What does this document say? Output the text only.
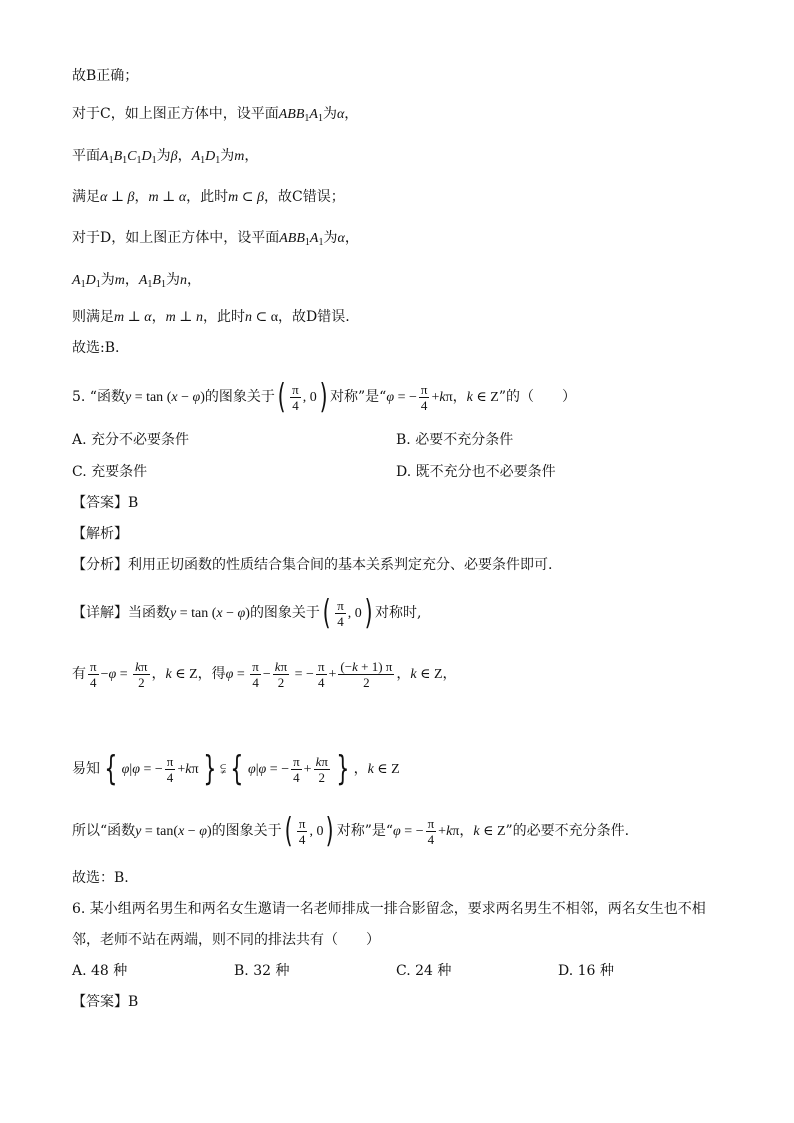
故B正确；
对于C，如上图正方体中，设平面$ABB_1A_1$为α，
平面$A_1B_1C_1D_1$为β，$A_1D_1$为m，
满足α ⊥ β，m ⊥ α，此时m ⊂ β，故C错误；
对于D，如上图正方体中，设平面$ABB_1A_1$为α，
$A_1D_1$为m，$A_1B_1$为n，
则满足m ⊥ α，m ⊥ n，此时n ⊂ α，故D错误.
故选:B.
5. “函数y = tan (x − φ)的图象关于( $\frac{\pi}{4}$ , 0) 对称”是“φ = − $\frac{\pi}{4} +k\pi$，k ∈ Z”的（　　）
A. 充分不必要条件	B. 必要不充分条件
C. 充要条件	D. 既不充分也不必要条件
【答案】B
【解析】
【分析】利用正切函数的性质结合集合间的基本关系判定充分、必要条件即可.
【详解】当函数y = tan (x − φ)的图象关于( $\frac{\pi}{4}$ , 0) 对称时,
有 $\frac{\pi}{4} -\varphi = \frac{k\pi}{2}$ ，k ∈ Z，得$\varphi = \frac{\pi}{4} - \frac{k\pi}{2}$ = − $\frac{\pi}{4} + \frac{(-k + 1) \pi}{2}$ ，k ∈ Z，
易知 { φ|φ = − $\frac{\pi}{4} +k\pi$ } ⫋ { φ|φ = − $\frac{\pi}{4} + \frac{k\pi}{2}$ } ，k ∈ Z
所以“函数y = tan(x − φ)的图象关于( $\frac{\pi}{4}$ , 0) 对称”是“φ = − $\frac{\pi}{4} +k\pi$，k ∈ Z”的必要不充分条件.
故选：B.
6. 某小组两名男生和两名女生邀请一名老师排成一排合影留念，要求两名男生不相邻，两名女生也不相
邻，老师不站在两端，则不同的排法共有（　　）
A. 48 种	B. 32 种	C. 24 种	D. 16 种
【答案】B
